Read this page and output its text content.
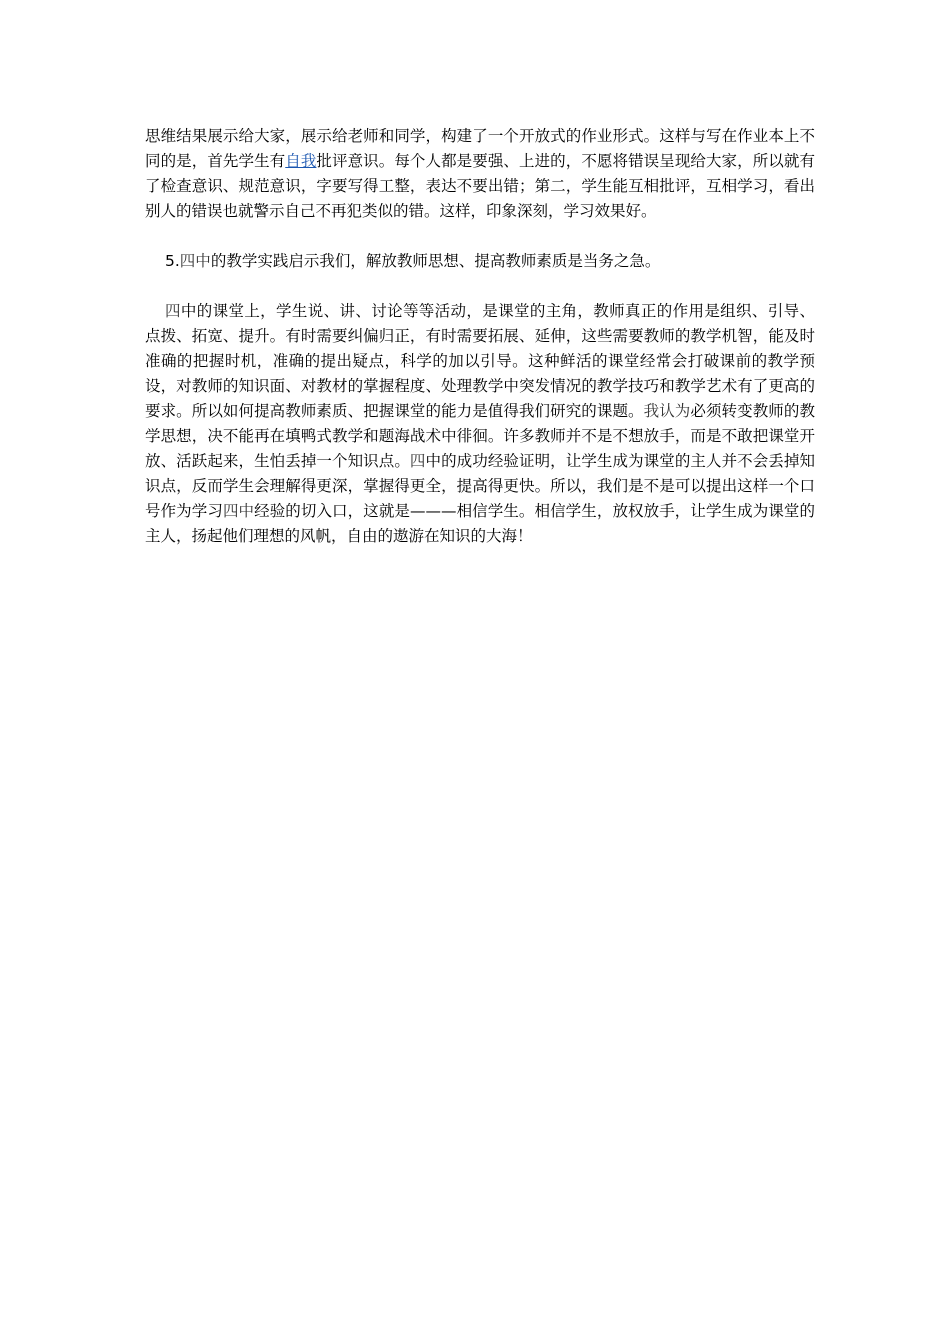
思维结果展示给大家，展示给老师和同学，构建了一个开放式的作业形式。这样与写在作业本上不同的是，首先学生有自我批评意识。每个人都是要强、上进的，不愿将错误呈现给大家，所以就有了检查意识、规范意识，字要写得工整，表达不要出错；第二，学生能互相批评，互相学习，看出别人的错误也就警示自己不再犯类似的错。这样，印象深刻，学习效果好。

5.四中的教学实践启示我们，解放教师思想、提高教师素质是当务之急。

四中的课堂上，学生说、讲、讨论等等活动，是课堂的主角，教师真正的作用是组织、引导、点拨、拓宽、提升。有时需要纠偏归正，有时需要拓展、延伸，这些需要教师的教学机智，能及时准确的把握时机，准确的提出疑点，科学的加以引导。这种鲜活的课堂经常会打破课前的教学预设，对教师的知识面、对教材的掌握程度、处理教学中突发情况的教学技巧和教学艺术有了更高的要求。所以如何提高教师素质、把握课堂的能力是值得我们研究的课题。我认为必须转变教师的教学思想，决不能再在填鸭式教学和题海战术中徘徊。许多教师并不是不想放手，而是不敢把课堂开放、活跃起来，生怕丢掉一个知识点。四中的成功经验证明，让学生成为课堂的主人并不会丢掉知识点，反而学生会理解得更深，掌握得更全，提高得更快。所以，我们是不是可以提出这样一个口号作为学习四中经验的切入口，这就是———相信学生。相信学生，放权放手，让学生成为课堂的主人，扬起他们理想的风帆，自由的遨游在知识的大海！
